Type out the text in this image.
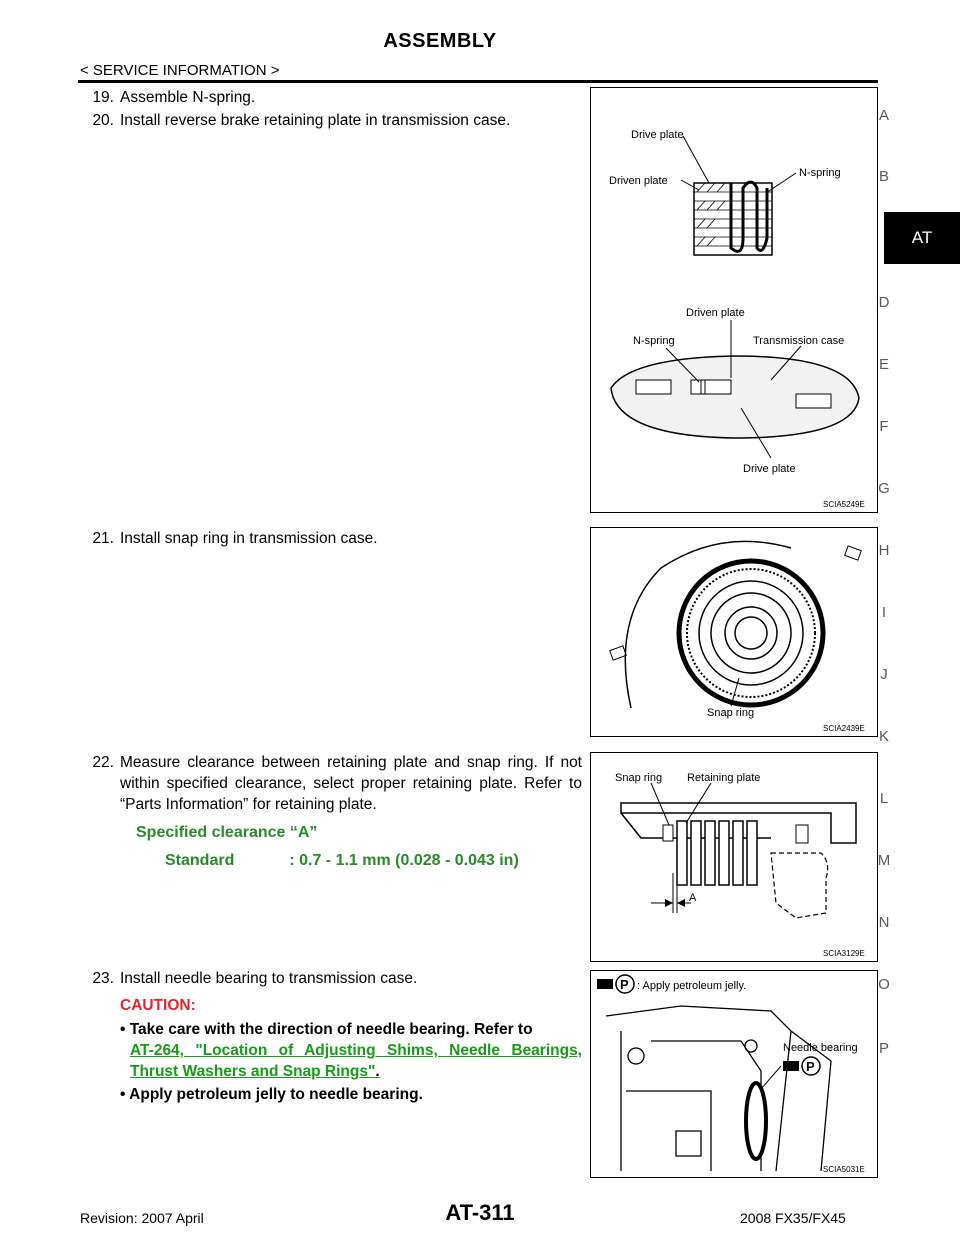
ASSEMBLY
< SERVICE INFORMATION >
A
B
AT
D
E
F
G
H
I
J
K
L
M
N
O
P
19. Assemble N-spring.
20. Install reverse brake retaining plate in transmission case.
Drive plate
Driven plate
N-spring
Driven plate
N-spring	Transmission case
Drive plate
SCIA5249E
21. Install snap ring in transmission case.
Snap ring
SCIA2439E
22. Measure clearance between retaining plate and snap ring. If not within specified clearance, select proper retaining plate. Refer to “Parts Information” for retaining plate.
Specified clearance “A”
Standard	: 0.7 - 1.1 mm (0.028 - 0.043 in)
Snap ring Retaining plate
A
SCIA3129E
23. Install needle bearing to transmission case.
CAUTION:
• Take care with the direction of needle bearing. Refer to
AT-264, "Location of Adjusting Shims, Needle Bearings, Thrust Washers and Snap Rings".
• Apply petroleum jelly to needle bearing.
P : Apply petroleum jelly.
Needle bearing
P
SCIA5031E
Revision: 2007 April	AT-311	2008 FX35/FX45
